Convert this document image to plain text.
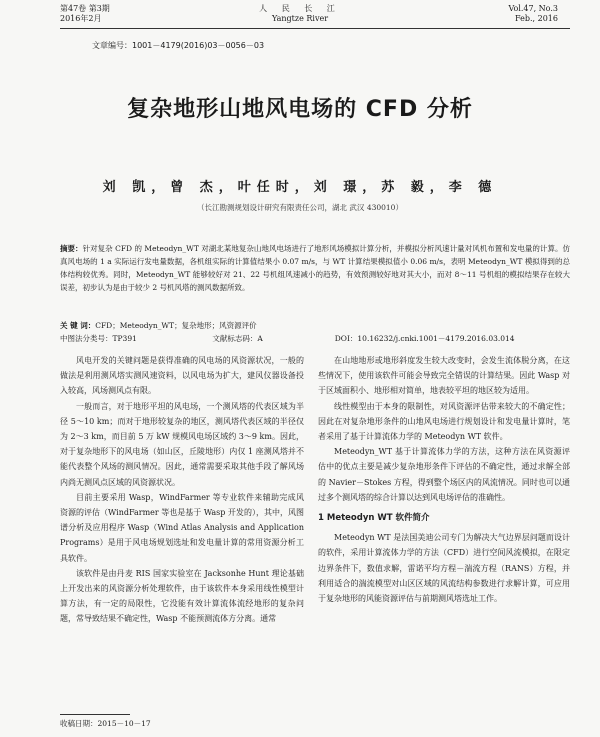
第47卷 第3期
2016年2月
人 民 长 江
Yangtze River
Vol.47, No.3
Feb., 2016
文章编号：1001－4179(2016)03－0056－03
复杂地形山地风电场的 CFD 分析
刘 凯，曾 杰，叶任时，刘 璟，苏 毅，李 德
（长江勘测规划设计研究有限责任公司，湖北 武汉 430010）
摘要：针对复杂 CFD 的 Meteodyn_WT 对湖北某地复杂山地风电场进行了地形风场模拟计算分析，并模拟分析风速计量对风机布置和发电量的计算。仿真风电场的 1 a 实际运行发电量数据，各机组实际的计算值结果小 0.07 m/s，与 WT 计算结果模拟值小 0.06 m/s，表明 Meteodyn_WT 模拟得到的总体结构较优秀。同时，Meteodyn_WT 能够较好对 21、22 号机组风速减小的趋势，有效预测较好地对其大小，而对 8～11 号机组的模拟结果存在较大误差，初步认为是由于较少 2 号机风塔的测风数据所致。
关 键 词：CFD；Meteodyn_WT；复杂地形；风资源评价
中图法分类号：TP391	文献标志码：A	DOI：10.16232/j.cnki.1001－4179.2016.03.014

风电开发的关键问题是获得准确的风电场的风资源状况，一般的做法是利用测风塔实测风速资料，以风电场为扩大，建风仪器设备投入较高，风场测风点有限。

一般而言，对于地形平坦的风电场，一个测风塔的代表区域为半径 5～10 km；而对于地形较复杂的地区，测风塔代表区域的半径仅为 2～3 km，而目前 5 万 kW 规模风电场区域约 3～9 km。因此，对于复杂地形下的风电场（如山区，丘陵地形）内仅 1 座测风塔并不能代表整个风场的测风情况。因此，通常需要采取其他手段了解风场内尚无测风点区域的风资源状况。

目前主要采用 Wasp，WindFarmer 等专业软件来辅助完成风资源的评估（WindFarmer 等也是基于 Wasp 开发的），其中，风图谱分析及应用程序 Wasp（Wind Atlas Analysis and Application Programs）是用于风电场规划选址和发电量计算的常用资源分析工具软件。

该软件是由丹麦 RIS 国家实验室在 Jacksonhe Hunt 理论基础上开发出来的风资源分析处理软件，由于该软件本身采用线性模型计算方法，有一定的局限性，它没能有效计算流体流经地形的复杂问题，常导致结果不确定性，Wasp 不能预测流体方分离。通常

在山地地形或地形斜度发生较大改变时，会发生流体脱分离，在这些情况下，使用该软件可能会导致完全错误的计算结果。因此 Wasp 对于区域面积小、地形相对简单，地表较平坦的地区较为适用。

线性模型由于本身的限制性，对风资源评估带来较大的不确定性；因此在对复杂地形条件的山地风电场进行规划设计和发电量计算时，笔者采用了基于计算流体力学的 Meteodyn WT 软件。

Meteodyn_WT 基于计算流体力学的方法，这种方法在风资源评估中的优点主要是减少复杂地形条件下评估的不确定性，通过求解全部的 Navier－Stokes 方程，得到整个场区内的风流情况。同时也可以通过多个测风塔的综合计算以达到风电场评估的准确性。

1 Meteodyn WT 软件简介

Meteodyn WT 是法国美迪公司专门为解决大气边界层问题而设计的软件，采用计算流体力学的方法（CFD）进行空间风流模拟，在限定边界条件下，数值求解，雷诺平均方程－湍流方程（RANS）方程，并利用适合的湍流模型对山区区域的风流结构参数进行求解计算，可应用于复杂地形的风能资源评估与前期测风塔选址工作。

收稿日期：2015－10－17
